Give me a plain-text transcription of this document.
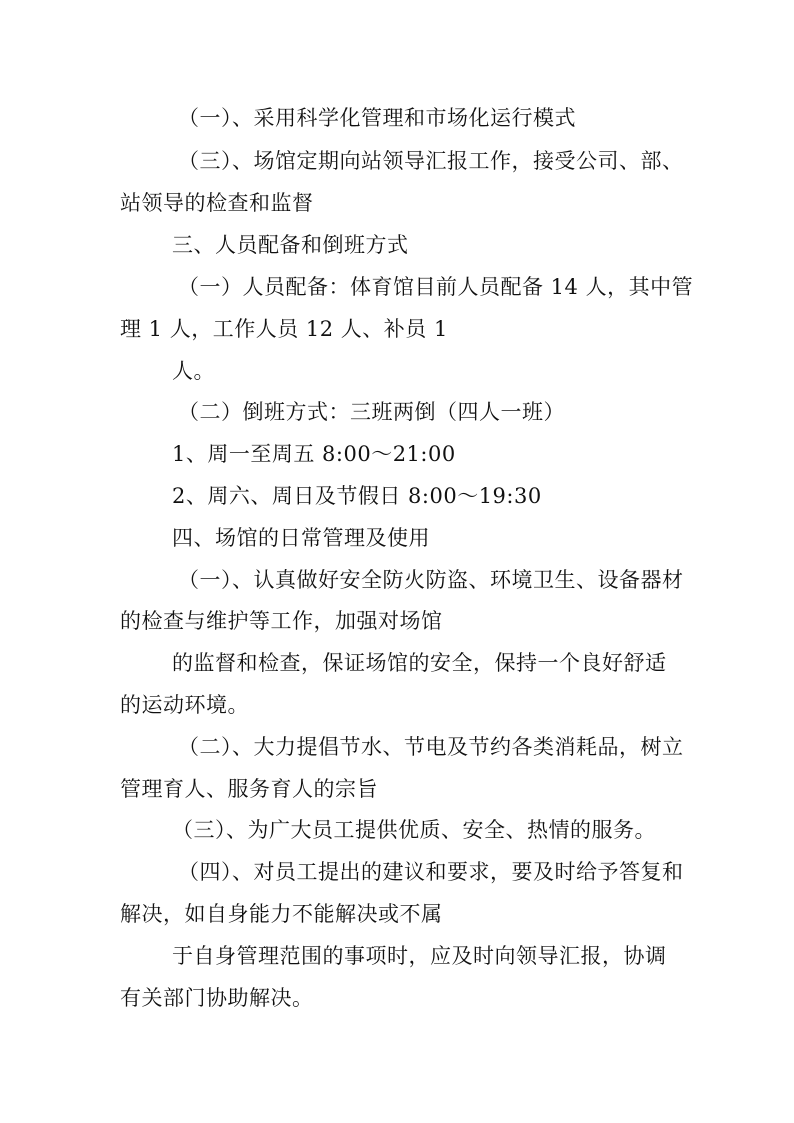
（一）、采用科学化管理和市场化运行模式
（三）、场馆定期向站领导汇报工作，接受公司、部、
站领导的检查和监督
三、人员配备和倒班方式
（一）人员配备：体育馆目前人员配备 14 人，其中管
理 1 人，工作人员 12 人、补员 1
人。
（二）倒班方式：三班两倒（四人一班）
1、周一至周五 8:00～21:00
2、周六、周日及节假日 8:00～19:30
四、场馆的日常管理及使用
（一）、认真做好安全防火防盗、环境卫生、设备器材
的检查与维护等工作，加强对场馆
的监督和检查，保证场馆的安全，保持一个良好舒适
的运动环境。
（二）、大力提倡节水、节电及节约各类消耗品，树立
管理育人、服务育人的宗旨
（三）、为广大员工提供优质、安全、热情的服务。
（四）、对员工提出的建议和要求，要及时给予答复和
解决，如自身能力不能解决或不属
于自身管理范围的事项时，应及时向领导汇报，协调
有关部门协助解决。
